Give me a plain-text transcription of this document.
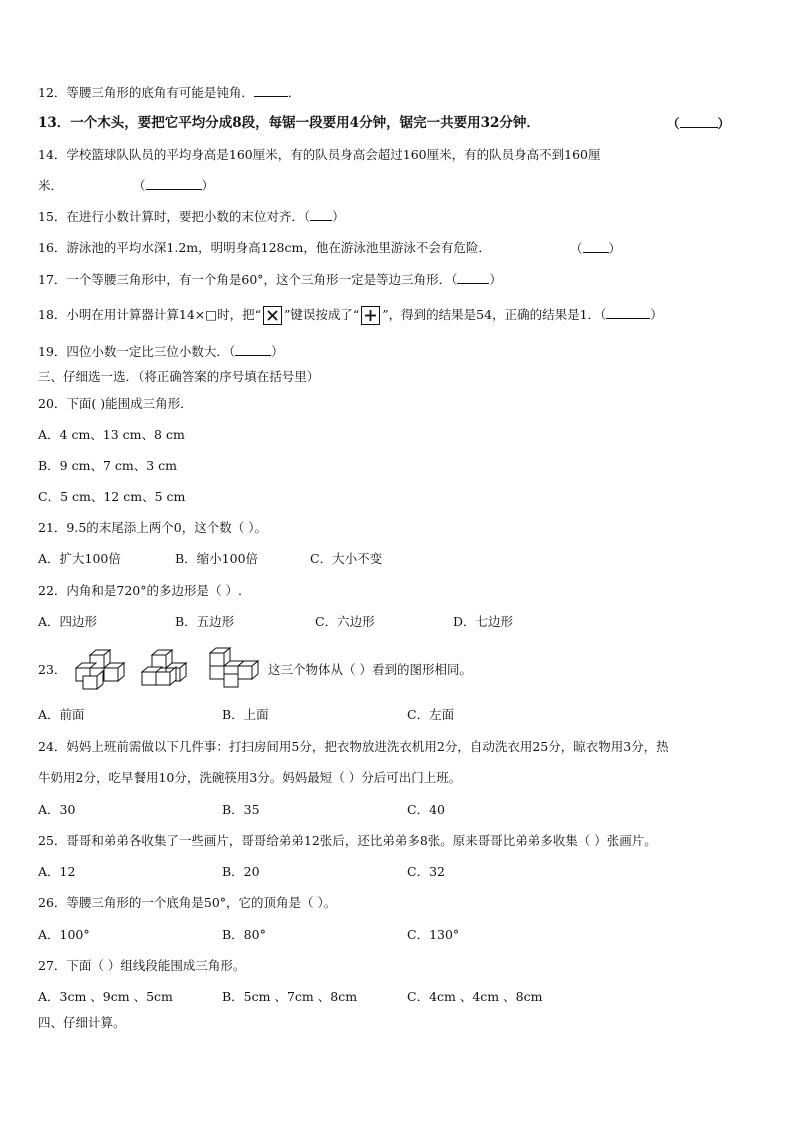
12．等腰三角形的底角有可能是钝角．	．
13．一个木头，要把它平均分成8段，每锯一段要用4分钟，锯完一共要用32分钟．	（	）
14．学校篮球队队员的平均身高是160厘米，有的队员身高会超过160厘米，有的队员身高不到160厘
米．	（	）
15．在进行小数计算时，要把小数的末位对齐．（ ）
16．游泳池的平均水深1.2m，明明身高128cm，他在游泳池里游泳不会有危险．	（ ）
17．一个等腰三角形中，有一个角是60°，这个三角形一定是等边三角形．（	）
18．小明在用计算器计算14×□时，把“ ”键误按成了“ ”，得到的结果是54，正确的结果是1．（	）
19．四位小数一定比三位小数大．（	）
三、仔细选一选．（将正确答案的序号填在括号里）
20．下面( )能围成三角形．
A．4 cm、13 cm、8 cm
B．9 cm、7 cm、3 cm
C．5 cm、12 cm、5 cm
21．9.5的末尾添上两个0，这个数（ ）。
A．扩大100倍	B．缩小100倍	C．大小不变
22．内角和是720°的多边形是（ ）.
A．四边形	B．五边形	C．六边形	D．七边形
23．	这三个物体从（ ）看到的图形相同。
A．前面	B．上面	C．左面
24．妈妈上班前需做以下几件事：打扫房间用5分，把衣物放进洗衣机用2分，自动洗衣用25分，晾衣物用3分，热
牛奶用2分，吃早餐用10分，洗碗筷用3分。妈妈最短（ ）分后可出门上班。
A．30	B．35	C．40
25．哥哥和弟弟各收集了一些画片，哥哥给弟弟12张后，还比弟弟多8张。原来哥哥比弟弟多收集（ ）张画片。
A．12	B．20	C．32
26．等腰三角形的一个底角是50°，它的顶角是（ ）。
A．100°	B．80°	C．130°
27．下面（ ）组线段能围成三角形。
A．3cm 、9cm 、5cm	B．5cm 、7cm 、8cm	C．4cm 、4cm 、8cm
四、仔细计算。
